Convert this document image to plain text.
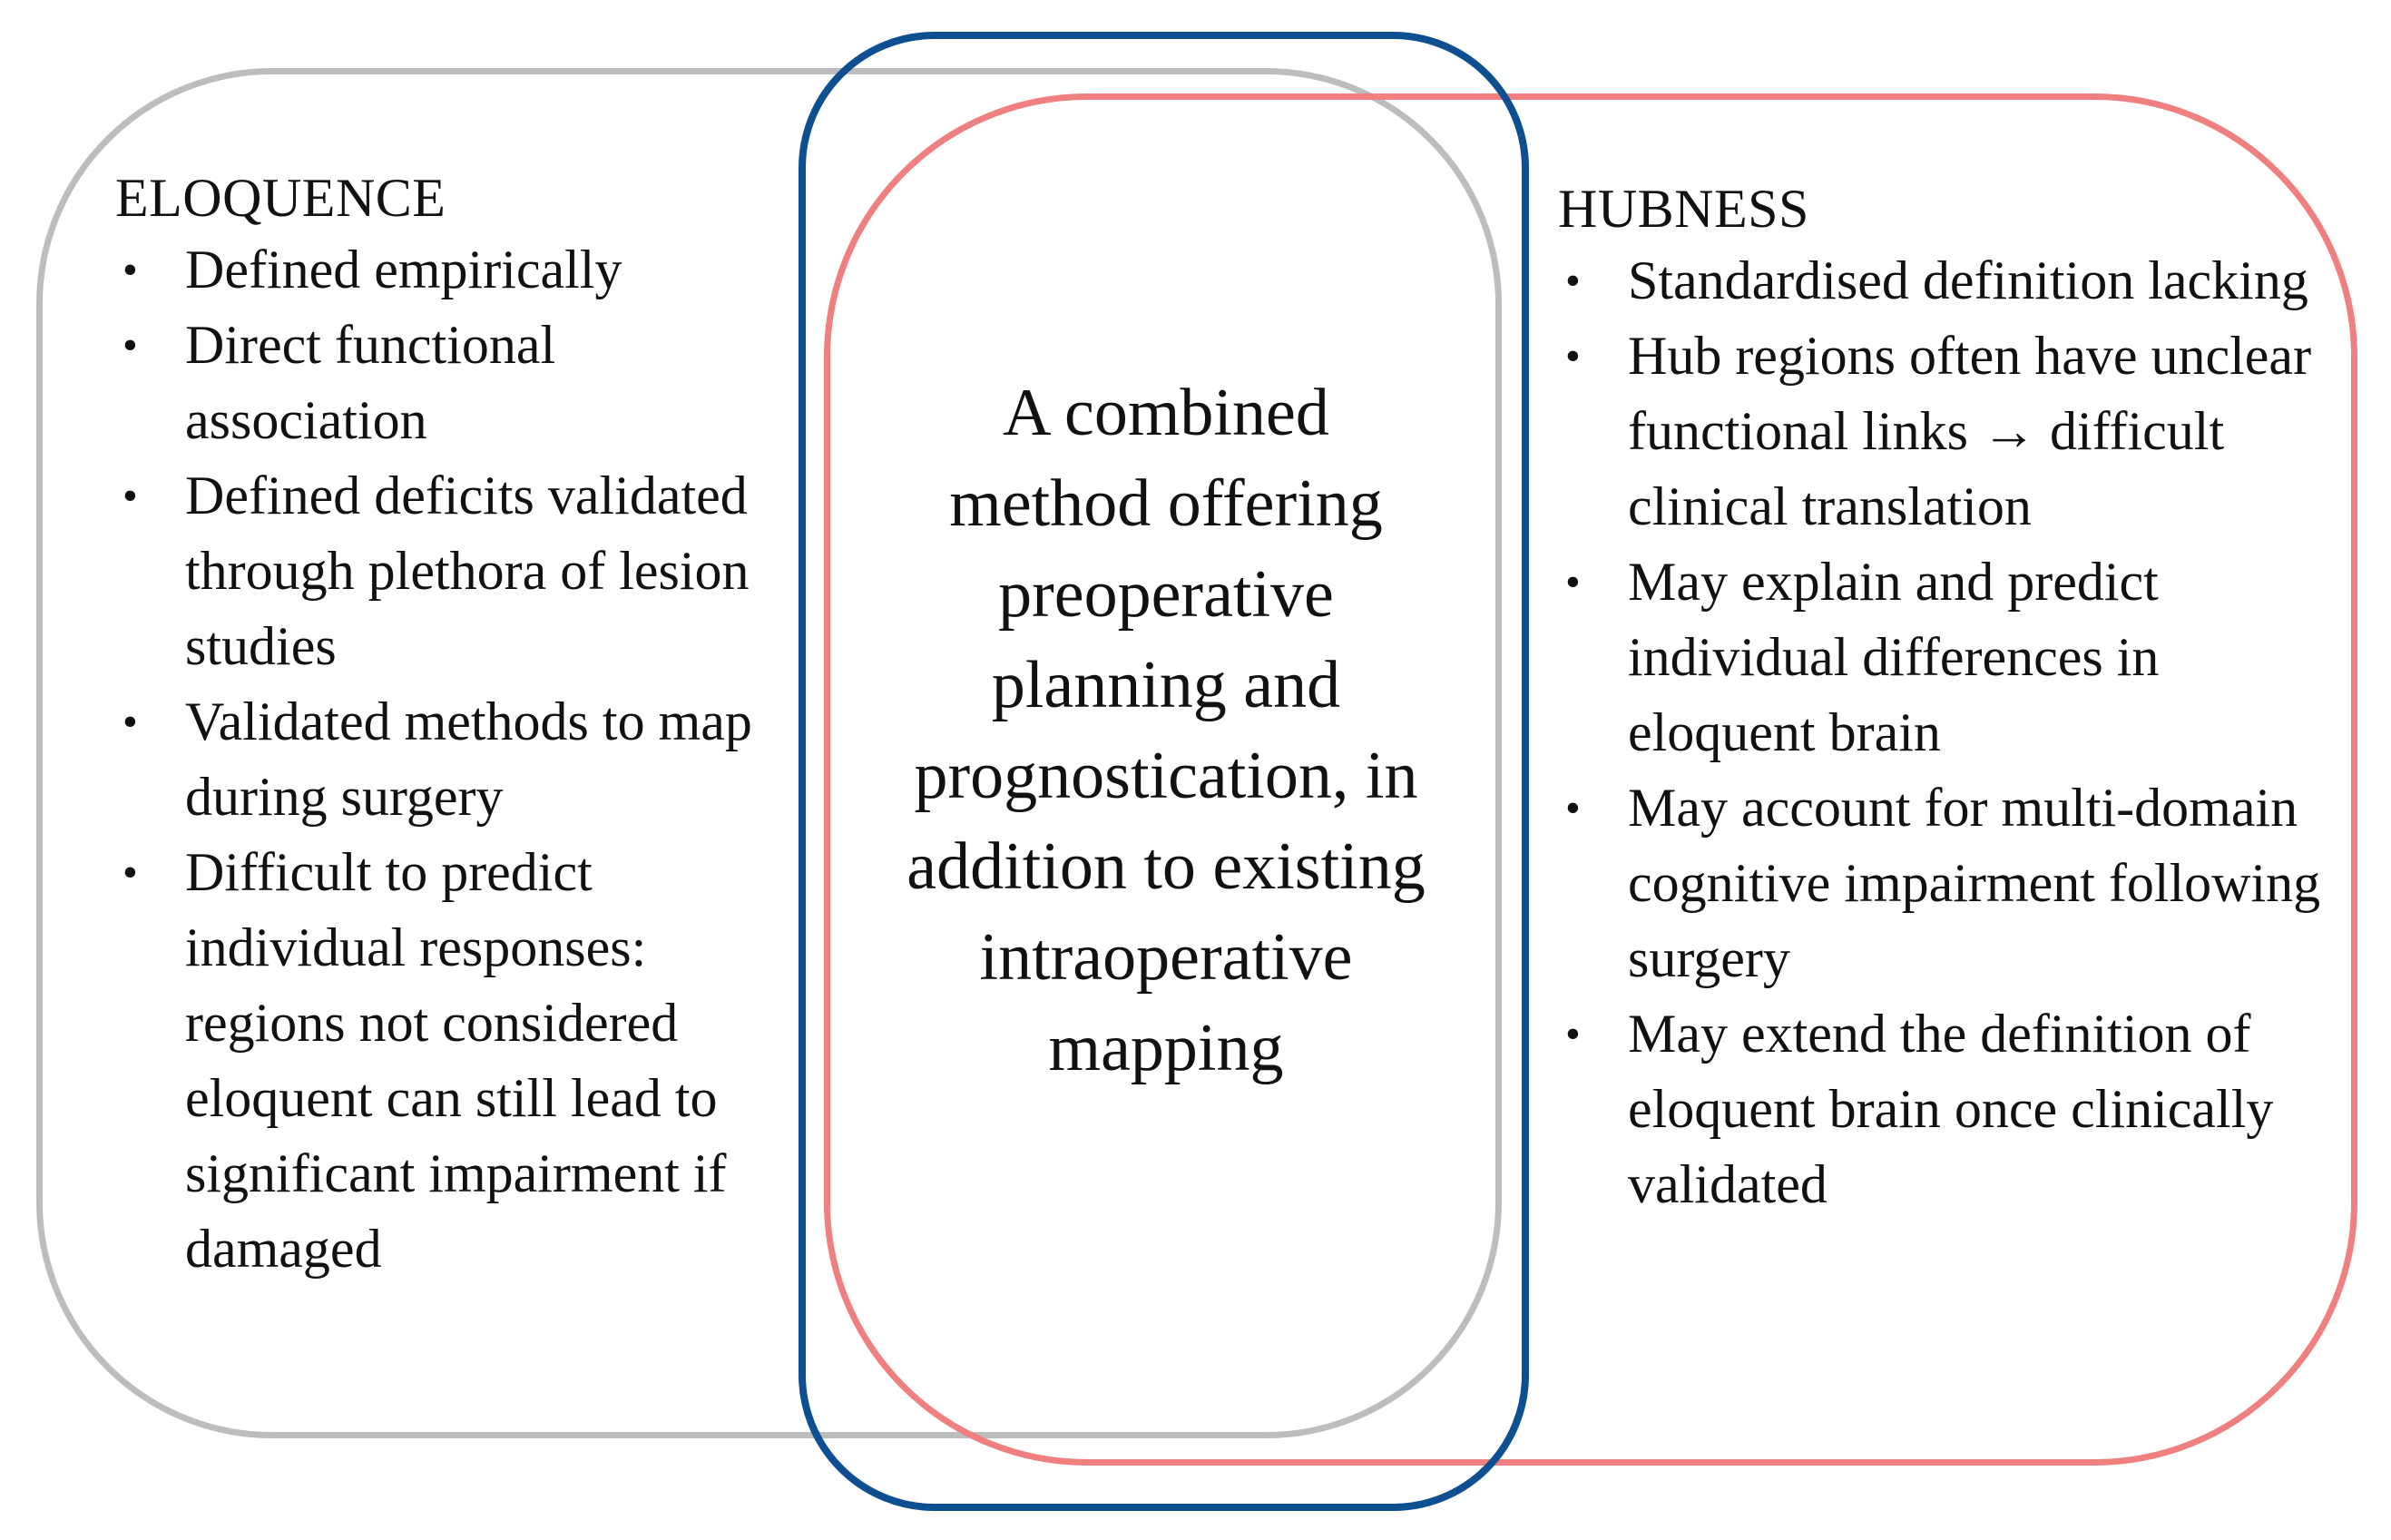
ELOQUENCE
• Defined empirically
• Direct functional association
• Defined deficits validated through plethora of lesion studies
• Validated methods to map during surgery
• Difficult to predict individual responses: regions not considered eloquent can still lead to significant impairment if damaged

A combined method offering preoperative planning and prognostication, in addition to existing intraoperative mapping

HUBNESS
• Standardised definition lacking
• Hub regions often have unclear functional links → difficult clinical translation
• May explain and predict individual differences in eloquent brain
• May account for multi-domain cognitive impairment following surgery
• May extend the definition of eloquent brain once clinically validated
